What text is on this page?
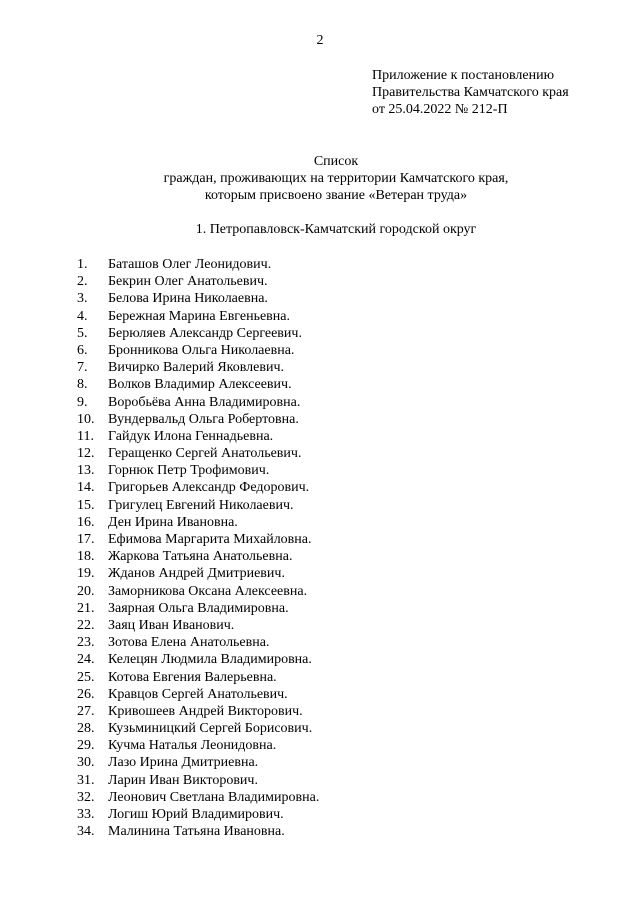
2
Приложение к постановлению
Правительства Камчатского края
от 25.04.2022 № 212-П
Список
граждан, проживающих на территории Камчатского края,
которым присвоено звание «Ветеран труда»
1. Петропавловск-Камчатский городской округ
1. Баташов Олег Леонидович.
2. Бекрин Олег Анатольевич.
3. Белова Ирина Николаевна.
4. Бережная Марина Евгеньевна.
5. Берюляев Александр Сергеевич.
6. Бронникова Ольга Николаевна.
7. Вичирко Валерий Яковлевич.
8. Волков Владимир Алексеевич.
9. Воробьёва Анна Владимировна.
10. Вундервальд Ольга Робертовна.
11. Гайдук Илона Геннадьевна.
12. Геращенко Сергей Анатольевич.
13. Горнюк Петр Трофимович.
14. Григорьев Александр Федорович.
15. Григулец Евгений Николаевич.
16. Ден Ирина Ивановна.
17. Ефимова Маргарита Михайловна.
18. Жаркова Татьяна Анатольевна.
19. Жданов Андрей Дмитриевич.
20. Заморникова Оксана Алексеевна.
21. Заярная Ольга Владимировна.
22. Заяц Иван Иванович.
23. Зотова Елена Анатольевна.
24. Келецян Людмила Владимировна.
25. Котова Евгения Валерьевна.
26. Кравцов Сергей Анатольевич.
27. Кривошеев Андрей Викторович.
28. Кузьминицкий Сергей Борисович.
29. Кучма Наталья Леонидовна.
30. Лазо Ирина Дмитриевна.
31. Ларин Иван Викторович.
32. Леонович Светлана Владимировна.
33. Логиш Юрий Владимирович.
34. Малинина Татьяна Ивановна.
